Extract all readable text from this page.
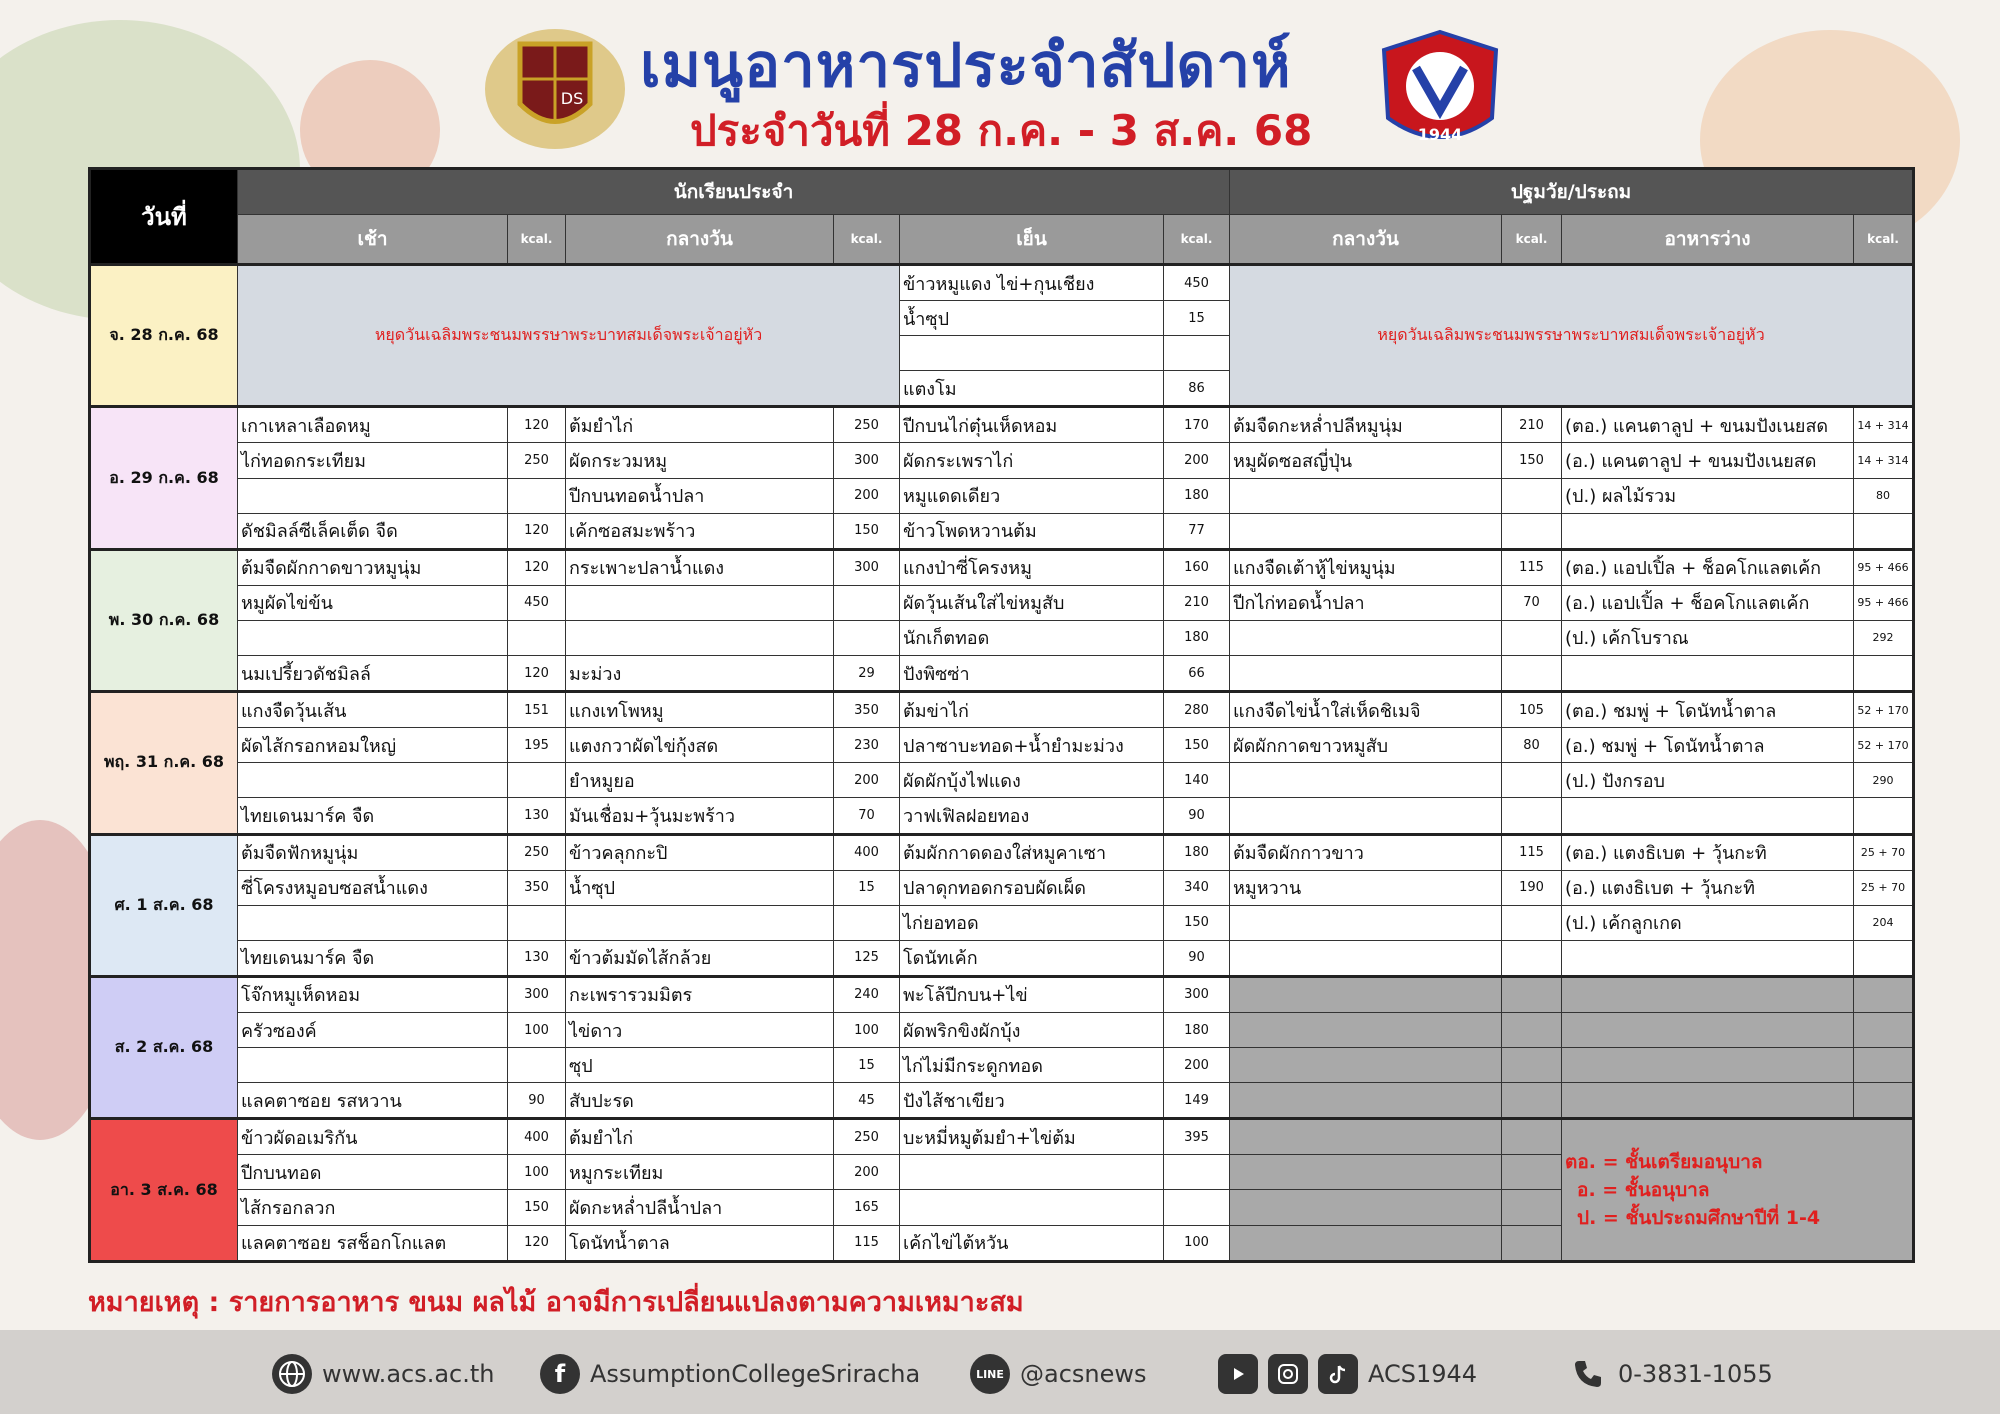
DS เมนูอาหารประจำสัปดาห์
ประจำวันที่ 28 ก.ค. - 3 ส.ค. 68	1944
วันที่	นักเรียนประจำ						ปฐมวัย/ประถม			
	เช้า	kcal.	กลางวัน	kcal.	เย็น	kcal.	กลางวัน	kcal.	อาหารว่าง	kcal.
จ. 28 ก.ค. 68	หยุดวันเฉลิมพระชนมพรรษาพระบาทสมเด็จพระเจ้าอยู่หัว				ข้าวหมูแดง ไข่+กุนเชียง	450	หยุดวันเฉลิมพระชนมพรรษาพระบาทสมเด็จพระเจ้าอยู่หัว			
					น้ำซุป	15				

					แตงโม	86				
อ. 29 ก.ค. 68	เกาเหลาเลือดหมู	120	ต้มยำไก่	250	ปีกบนไก่ตุ๋นเห็ดหอม	170	ต้มจืดกะหล่ำปลีหมูนุ่ม	210	(ตอ.) แคนตาลูป + ขนมปังเนยสด	14 + 314
	ไก่ทอดกระเทียม	250	ผัดกระวมหมู	300	ผัดกระเพราไก่	200	หมูผัดซอสญี่ปุ่น	150	(อ.) แคนตาลูป + ขนมปังเนยสด	14 + 314
			ปีกบนทอดน้ำปลา	200	หมูแดดเดียว	180			(ป.) ผลไม้รวม	80
	ดัชมิลล์ซีเล็คเต็ด จืด	120	เค้กซอสมะพร้าว	150	ข้าวโพดหวานต้ม	77				
พ. 30 ก.ค. 68	ต้มจืดผักกาดขาวหมูนุ่ม	120	กระเพาะปลาน้ำแดง	300	แกงป่าซี่โครงหมู	160	แกงจืดเต้าหู้ไข่หมูนุ่ม	115	(ตอ.) แอปเปิ้ล + ช็อคโกแลตเค้ก	95 + 466
	หมูผัดไข่ข้น	450			ผัดวุ้นเส้นใส่ไข่หมูสับ	210	ปีกไก่ทอดน้ำปลา	70	(อ.) แอปเปิ้ล + ช็อคโกแลตเค้ก	95 + 466
					นักเก็ตทอด	180			(ป.) เค้กโบราณ	292
	นมเปรี้ยวดัชมิลล์	120	มะม่วง	29	ปังพิซซ่า	66				
พฤ. 31 ก.ค. 68	แกงจืดวุ้นเส้น	151	แกงเทโพหมู	350	ต้มข่าไก่	280	แกงจืดไข่น้ำใส่เห็ดชิเมจิ	105	(ตอ.) ชมพู่ + โดนัทน้ำตาล	52 + 170
	ผัดไส้กรอกหอมใหญ่	195	แตงกวาผัดไข่กุ้งสด	230	ปลาซาบะทอด+น้ำยำมะม่วง	150	ผัดผักกาดขาวหมูสับ	80	(อ.) ชมพู่ + โดนัทน้ำตาล	52 + 170
			ยำหมูยอ	200	ผัดผักบุ้งไฟแดง	140			(ป.) ปังกรอบ	290
	ไทยเดนมาร์ค จืด	130	มันเชื่อม+วุ้นมะพร้าว	70	วาฟเฟิลฝอยทอง	90				
ศ. 1 ส.ค. 68	ต้มจืดฟักหมูนุ่ม	250	ข้าวคลุกกะปิ	400	ต้มผักกาดดองใส่หมูคาเซา	180	ต้มจืดผักกาวขาว	115	(ตอ.) แตงธิเบต + วุ้นกะทิ	25 + 70
	ซี่โครงหมูอบซอสน้ำแดง	350	น้ำซุป	15	ปลาดุกทอดกรอบผัดเผ็ด	340	หมูหวาน	190	(อ.) แตงธิเบต + วุ้นกะทิ	25 + 70
					ไก่ยอทอด	150			(ป.) เค้กลูกเกด	204
	ไทยเดนมาร์ค จืด	130	ข้าวต้มมัดไส้กล้วย	125	โดนัทเค้ก	90				
ส. 2 ส.ค. 68	โจ๊กหมูเห็ดหอม	300	กะเพรารวมมิตร	240	พะโล้ปีกบน+ไข่	300				
	ครัวซองค์	100	ไข่ดาว	100	ผัดพริกขิงผักบุ้ง	180				
			ซุป	15	ไก่ไม่มีกระดูกทอด	200				
	แลคตาซอย รสหวาน	90	สับปะรด	45	ปังไส้ชาเขียว	149				
อา. 3 ส.ค. 68	ข้าวผัดอเมริกัน	400	ต้มยำไก่	250	บะหมี่หมูต้มยำ+ไข่ต้ม	395			ตอ. = ชั้นเตรียมอนุบาล
อ. = ชั้นอนุบาล
ป. = ชั้นประถมศึกษาปีที่ 1-4	

	ปีกบนทอด	100	หมูกระเทียม	200						
	ไส้กรอกลวก	150	ผัดกะหล่ำปลีน้ำปลา	165						
	แลคตาซอย รสช็อกโกแลต	120	โดนัทน้ำตาล	115	เค้กไข่ไต้หวัน	100				
หมายเหตุ : รายการอาหาร ขนม ผลไม้ อาจมีการเปลี่ยนแปลงตามความเหมาะสม
www.acs.ac.th	f	AssumptionCollegeSriracha	LINE @acsnews	ACS1944	0-3831-1055
